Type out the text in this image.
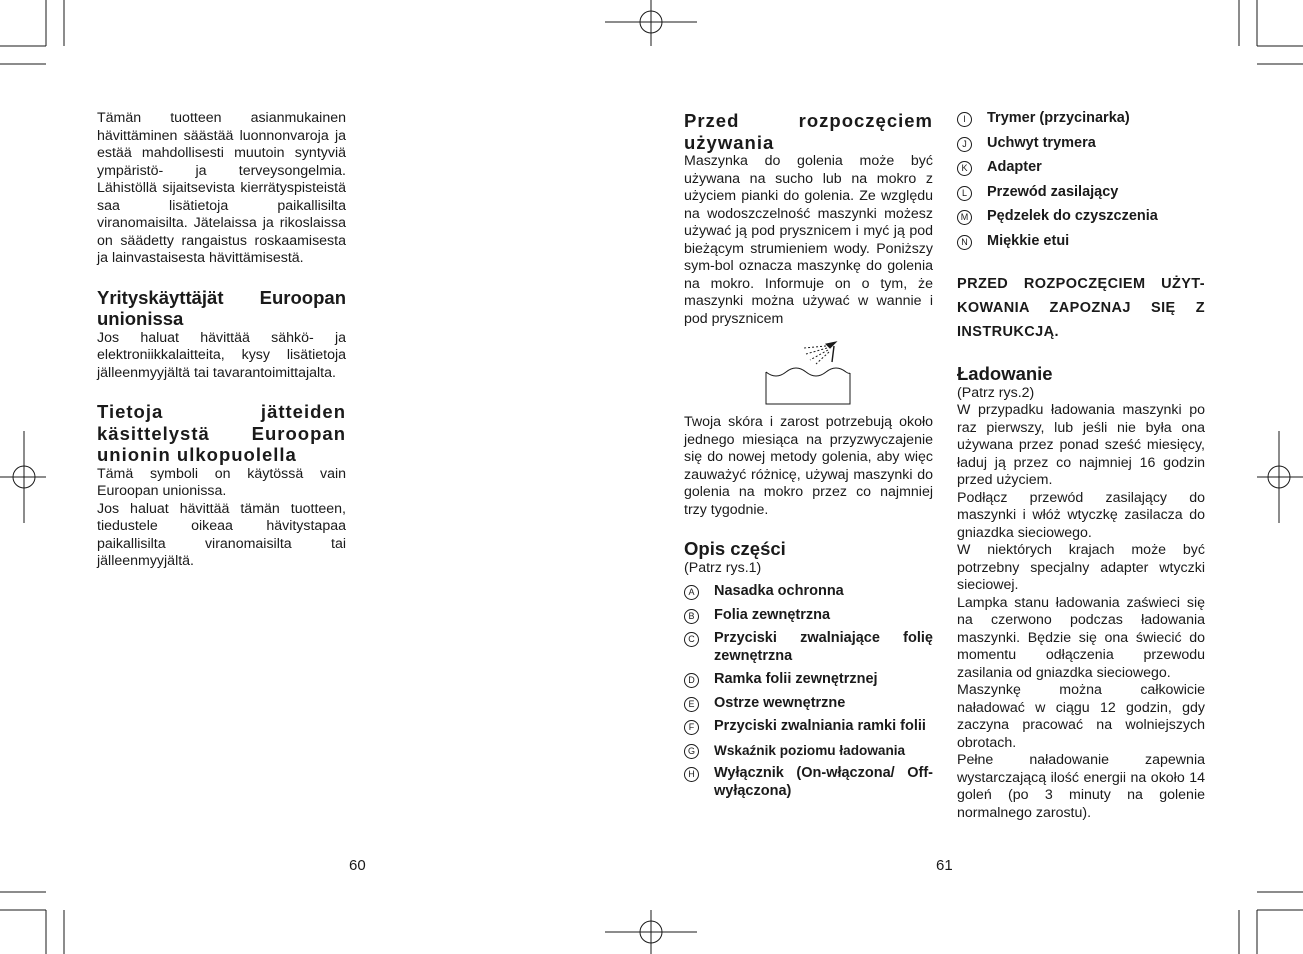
Tämän tuotteen asianmukainen hävittäminen säästää luonnonvaroja ja estää mahdollisesti muutoin syntyviä ympäristö- ja terveysongelmia. Lähistöllä sijaitsevista kierrätyspisteistä saa lisätietoja paikallisilta viranomaisilta. Jätelaissa ja rikoslaissa on säädetty rangaistus roskaamisesta ja lainvastaisesta hävittämisestä.

Yrityskäyttäjät Euroopan unionissa

Jos haluat hävittää sähkö- ja elektroniikkalaitteita, kysy lisätietoja jälleenmyyjältä tai tavarantoimittajalta.

Tietoja jätteiden käsittelystä Euroopan unionin ulkopuolella

Tämä symboli on käytössä vain Euroopan unionissa.

Jos haluat hävittää tämän tuotteen, tiedustele oikeaa hävitystapaa paikallisilta viranomaisilta tai jälleenmyyjältä.

60
Przed rozpoczęciem używania

Maszynka do golenia może być używana na sucho lub na mokro z użyciem pianki do golenia. Ze względu na wodoszczelność maszynki możesz używać ją pod prysznicem i myć ją pod bieżącym strumieniem wody. Poniższy sym-bol oznacza maszynkę do golenia na mokro. Informuje on o tym, że maszynki można używać w wannie i pod prysznicem

Twoja skóra i zarost potrzebują około jednego miesiąca na przyzwyczajenie się do nowej metody golenia, aby więc zauważyć różnicę, używaj maszynki do golenia na mokro przez co najmniej trzy tygodnie.

Opis części

(Patrz rys.1)

A	Nasadka ochronna
B	Folia zewnętrzna
C Przyciski zwalniające folię zewnętrzna
D Ramka folii zewnętrznej
E	Ostrze wewnętrzne
F	Przyciski zwalniania ramki folii
G Wskaźnik poziomu ładowania
H Wyłącznik (On-włączona/ Off-wyłączona)
61
I	Trymer (przycinarka)
J	Uchwyt trymera
K	Adapter
L	Przewód zasilający
M Pędzelek do czyszczenia
N Miękkie etui

PRZED ROZPOCZĘCIEM UŻYT-KOWANIA ZAPOZNAJ SIĘ Z INSTRUKCJĄ.

Ładowanie

(Patrz rys.2)

W przypadku ładowania maszynki po raz pierwszy, lub jeśli nie była ona używana przez ponad sześć miesięcy, ładuj ją przez co najmniej 16 godzin przed użyciem.

Podłącz przewód zasilający do maszynki i włóż wtyczkę zasilacza do gniazdka sieciowego.

W niektórych krajach może być potrzebny specjalny adapter wtyczki sieciowej.

Lampka stanu ładowania zaświeci się na czerwono podczas ładowania maszynki. Będzie się ona świecić do momentu odłączenia przewodu zasilania od gniazdka sieciowego.

Maszynkę można całkowicie naładować w ciągu 12 godzin, gdy zaczyna pracować na wolniejszych obrotach.

Pełne naładowanie zapewnia wystarczającą ilość energii na około 14 goleń (po 3 minuty na golenie normalnego zarostu).
